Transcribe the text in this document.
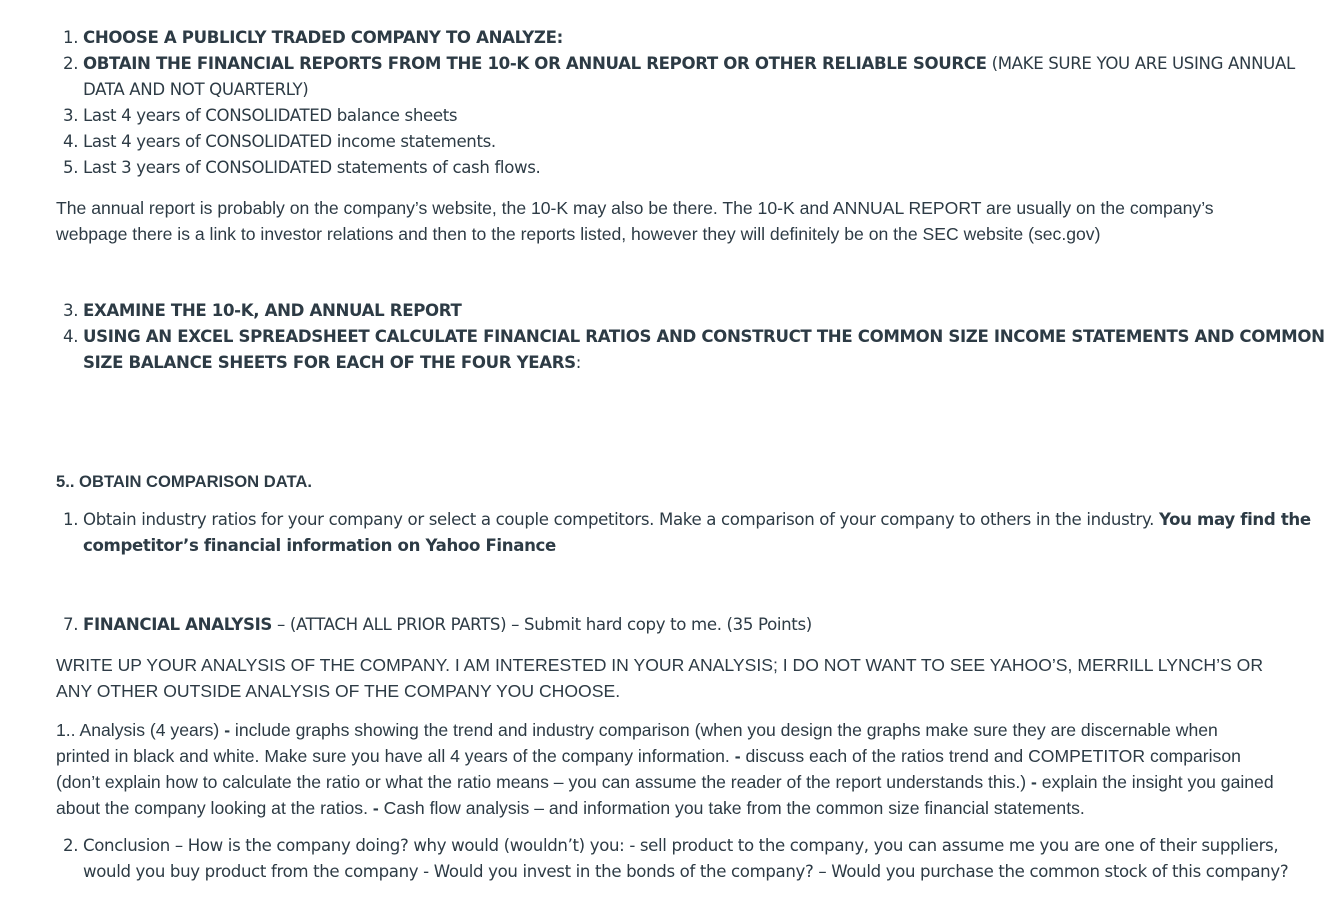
1. CHOOSE A PUBLICLY TRADED COMPANY TO ANALYZE:
2. OBTAIN THE FINANCIAL REPORTS FROM THE 10-K OR ANNUAL REPORT OR OTHER RELIABLE SOURCE (MAKE SURE YOU ARE USING ANNUAL
DATA AND NOT QUARTERLY)
3. Last 4 years of CONSOLIDATED balance sheets
4. Last 4 years of CONSOLIDATED income statements.
5. Last 3 years of CONSOLIDATED statements of cash flows.
The annual report is probably on the company’s website, the 10-K may also be there. The 10-K and ANNUAL REPORT are usually on the company’s
webpage there is a link to investor relations and then to the reports listed, however they will definitely be on the SEC website (sec.gov)
3. EXAMINE THE 10-K, AND ANNUAL REPORT
4. USING AN EXCEL SPREADSHEET CALCULATE FINANCIAL RATIOS AND CONSTRUCT THE COMMON SIZE INCOME STATEMENTS AND COMMON
SIZE BALANCE SHEETS FOR EACH OF THE FOUR YEARS:
5.. OBTAIN COMPARISON DATA.
1. Obtain industry ratios for your company or select a couple competitors. Make a comparison of your company to others in the industry. You may find the
competitor’s financial information on Yahoo Finance
7. FINANCIAL ANALYSIS – (ATTACH ALL PRIOR PARTS) – Submit hard copy to me. (35 Points)
WRITE UP YOUR ANALYSIS OF THE COMPANY. I AM INTERESTED IN YOUR ANALYSIS; I DO NOT WANT TO SEE YAHOO’S, MERRILL LYNCH’S OR
ANY OTHER OUTSIDE ANALYSIS OF THE COMPANY YOU CHOOSE.
1.. Analysis (4 years) - include graphs showing the trend and industry comparison (when you design the graphs make sure they are discernable when
printed in black and white. Make sure you have all 4 years of the company information. - discuss each of the ratios trend and COMPETITOR comparison
(don’t explain how to calculate the ratio or what the ratio means – you can assume the reader of the report understands this.) - explain the insight you gained
about the company looking at the ratios. - Cash flow analysis – and information you take from the common size financial statements.
2. Conclusion – How is the company doing? why would (wouldn’t) you: - sell product to the company, you can assume me you are one of their suppliers,
would you buy product from the company - Would you invest in the bonds of the company? – Would you purchase the common stock of this company?
